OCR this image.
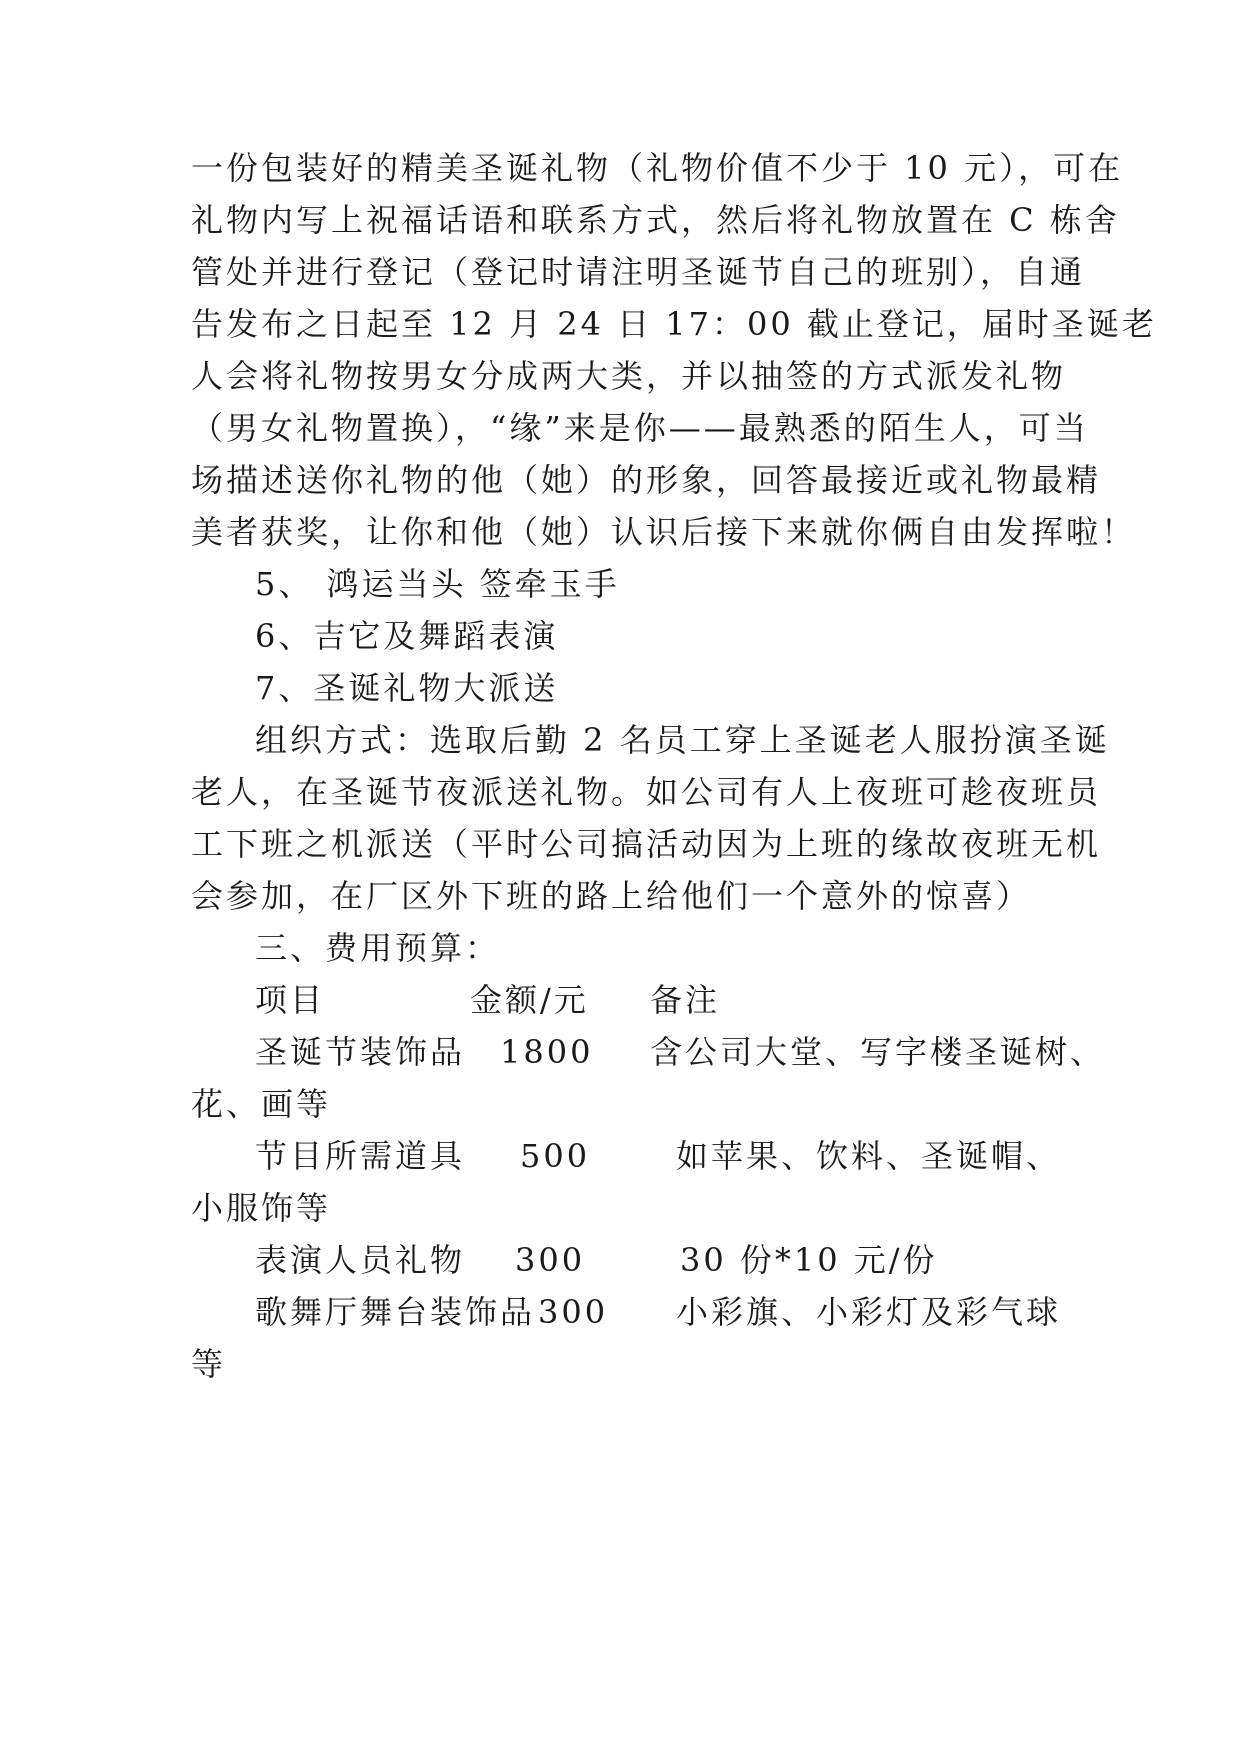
一份包装好的精美圣诞礼物（礼物价值不少于 10 元），可在
礼物内写上祝福话语和联系方式，然后将礼物放置在 C 栋舍
管处并进行登记（登记时请注明圣诞节自己的班别），自通
告发布之日起至 12 月 24 日 17：00 截止登记，届时圣诞老
人会将礼物按男女分成两大类，并以抽签的方式派发礼物
（男女礼物置换），“缘”来是你——最熟悉的陌生人，可当
场描述送你礼物的他（她）的形象，回答最接近或礼物最精
美者获奖，让你和他（她）认识后接下来就你俩自由发挥啦！
5、 鸿运当头 签牵玉手
6、吉它及舞蹈表演
7、圣诞礼物大派送
组织方式：选取后勤 2 名员工穿上圣诞老人服扮演圣诞
老人，在圣诞节夜派送礼物。如公司有人上夜班可趁夜班员
工下班之机派送（平时公司搞活动因为上班的缘故夜班无机
会参加，在厂区外下班的路上给他们一个意外的惊喜）
三、费用预算：
项目	金额/元 备注
圣诞节装饰品 1800 含公司大堂、写字楼圣诞树、
花、画等
节目所需道具 500	如苹果、饮料、圣诞帽、
小服饰等
表演人员礼物 300	30 份*10 元/份
歌舞厅舞台装饰品 300 小彩旗、小彩灯及彩气球
等
